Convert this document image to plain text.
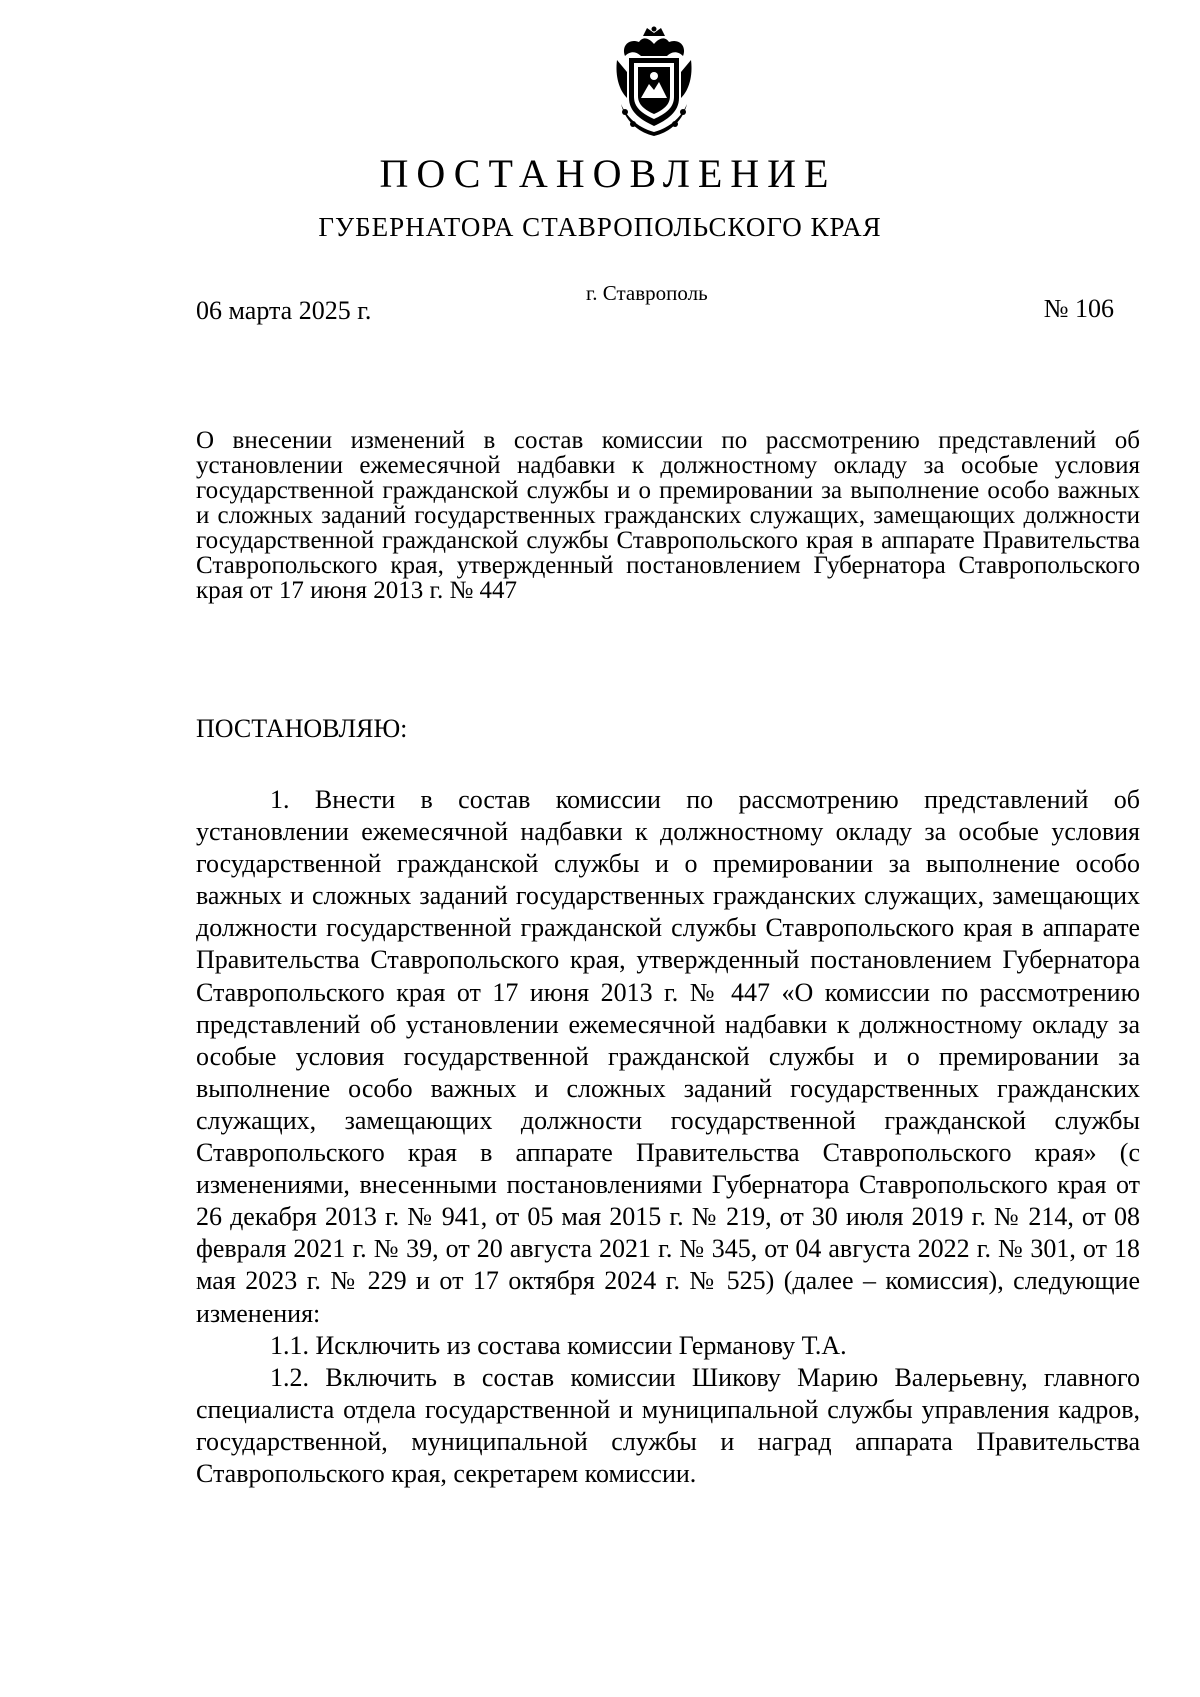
ПОСТАНОВЛЕНИЕ
ГУБЕРНАТОРА СТАВРОПОЛЬСКОГО КРАЯ
06 марта 2025 г.
г. Ставрополь
№ 106
О внесении изменений в состав комиссии по рассмотрению представлений об установлении ежемесячной надбавки к должностному окладу за особые условия государственной гражданской службы и о премировании за выполнение особо важных и сложных заданий государственных гражданских служащих, замещающих должности государственной гражданской службы Ставропольского края в аппарате Правительства Ставропольского края, утвержденный постановлением Губернатора Ставропольского края от 17 июня 2013 г. № 447
ПОСТАНОВЛЯЮ:

1. Внести в состав комиссии по рассмотрению представлений об установлении ежемесячной надбавки к должностному окладу за особые условия государственной гражданской службы и о премировании за выполнение особо важных и сложных заданий государственных гражданских служащих, замещающих должности государственной гражданской службы Ставропольского края в аппарате Правительства Ставропольского края, утвержденный постановлением Губернатора Ставропольского края от 17 июня 2013 г. № 447 «О комиссии по рассмотрению представлений об установлении ежемесячной надбавки к должностному окладу за особые условия государственной гражданской службы и о премировании за выполнение особо важных и сложных заданий государственных гражданских служащих, замещающих должности государственной гражданской службы Ставропольского края в аппарате Правительства Ставропольского края» (с изменениями, внесенными постановлениями Губернатора Ставропольского края от 26 декабря 2013 г. № 941, от 05 мая 2015 г. № 219, от 30 июля 2019 г. № 214, от 08 февраля 2021 г. № 39, от 20 августа 2021 г. № 345, от 04 августа 2022 г. № 301, от 18 мая 2023 г. № 229 и от 17 октября 2024 г. № 525) (далее – комиссия), следующие изменения:

1.1. Исключить из состава комиссии Германову Т.А.

1.2. Включить в состав комиссии Шикову Марию Валерьевну, главного специалиста отдела государственной и муниципальной службы управления кадров, государственной, муниципальной службы и наград аппарата Правительства Ставропольского края, секретарем комиссии.
